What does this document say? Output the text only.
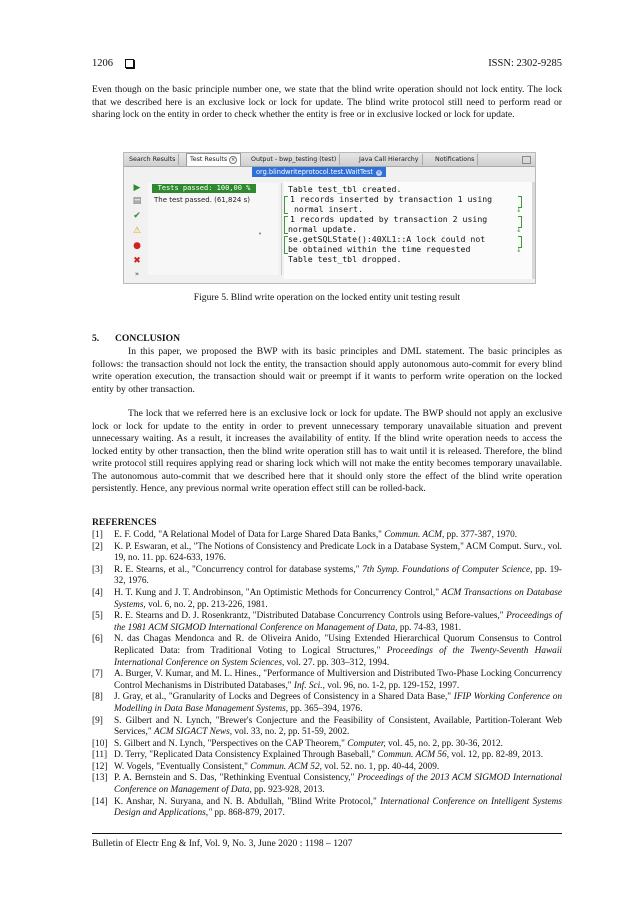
1206	ISSN: 2302-9285

Even though on the basic principle number one, we state that the blind write operation should not lock entity. The lock that we described here is an exclusive lock or lock for update. The blind write protocol still need to perform read or sharing lock on the entity in order to check whether the entity is free or in exclusive locked or lock for update.

Search Results	Test Results ×	Output - bwp_testing (test)	Java Call Hierarchy	Notifications
org.blindwriteprotocol.test.WaitTest ×
▶
▤
✔
⚠
●
✖
»
Tests passed: 100,00 %
The test passed. (61,824 s)
•
Table test_tbl created.
1 records inserted by transaction 1 using
normal insert.	↓
1 records updated by transaction 2 using
normal update.	↓
se.getSQLState():40XL1::A lock could not
be obtained within the time requested	↓
Table test_tbl dropped.
Figure 5. Blind write operation on the locked entity unit testing result
5. CONCLUSION

In this paper, we proposed the BWP with its basic principles and DML statement. The basic principles as follows: the transaction should not lock the entity, the transaction should apply autonomous auto-commit for every blind write operation execution, the transaction should wait or preempt if it wants to perform write operation on the locked entity by other transaction.

The lock that we referred here is an exclusive lock or lock for update. The BWP should not apply an exclusive lock or lock for update to the entity in order to prevent unnecessary temporary unavailable situation and prevent unnecessary waiting. As a result, it increases the availability of entity. If the blind write operation needs to access the locked entity by other transaction, then the blind write operation still has to wait until it is released. Therefore, the blind write protocol still requires applying read or sharing lock which will not make the entity becomes temporary unavailable. The autonomous auto-commit that we described here that it should only store the effect of the blind write operation persistently. Hence, any previous normal write operation effect still can be rolled-back.

REFERENCES
[1] E. F. Codd, "A Relational Model of Data for Large Shared Data Banks," Commun. ACM, pp. 377-387, 1970.
[2] K. P. Eswaran, et al., "The Notions of Consistency and Predicate Lock in a Database System," ACM Comput. Surv., vol. 19, no. 11. pp. 624-633, 1976.
[3] R. E. Stearns, et al., "Concurrency control for database systems," 7th Symp. Foundations of Computer Science, pp. 19-32, 1976.
[4] H. T. Kung and J. T. Androbinson, "An Optimistic Methods for Concurrency Control," ACM Transactions on Database Systems, vol. 6, no. 2, pp. 213-226, 1981.
[5] R. E. Stearns and D. J. Rosenkrantz, "Distributed Database Concurrency Controls using Before-values," Proceedings of the 1981 ACM SIGMOD International Conference on Management of Data, pp. 74-83, 1981.
[6] N. das Chagas Mendonca and R. de Oliveira Anido, "Using Extended Hierarchical Quorum Consensus to Control Replicated Data: from Traditional Voting to Logical Structures," Proceedings of the Twenty-Seventh Hawaii International Conference on System Sciences, vol. 27. pp. 303–312, 1994.
[7] A. Burger, V. Kumar, and M. L. Hines., "Performance of Multiversion and Distributed Two-Phase Locking Concurrency Control Mechanisms in Distributed Databases," Inf. Sci., vol. 96, no. 1-2, pp. 129-152, 1997.
[8] J. Gray, et al., "Granularity of Locks and Degrees of Consistency in a Shared Data Base," IFIP Working Conference on Modelling in Data Base Management Systems, pp. 365–394, 1976.
[9] S. Gilbert and N. Lynch, "Brewer's Conjecture and the Feasibility of Consistent, Available, Partition-Tolerant Web Services," ACM SIGACT News, vol. 33, no. 2, pp. 51-59, 2002.
[10] S. Gilbert and N. Lynch, "Perspectives on the CAP Theorem," Computer, vol. 45, no. 2, pp. 30-36, 2012.
[11] D. Terry, "Replicated Data Consistency Explained Through Baseball," Commun. ACM 56, vol. 12, pp. 82-89, 2013.
[12] W. Vogels, "Eventually Consistent," Commun. ACM 52, vol. 52. no. 1, pp. 40-44, 2009.
[13] P. A. Bernstein and S. Das, "Rethinking Eventual Consistency," Proceedings of the 2013 ACM SIGMOD International Conference on Management of Data, pp. 923-928, 2013.
[14] K. Anshar, N. Suryana, and N. B. Abdullah, "Blind Write Protocol," International Conference on Intelligent Systems Design and Applications," pp. 868-879, 2017.
Bulletin of Electr Eng & Inf, Vol. 9, No. 3, June 2020 : 1198 – 1207
